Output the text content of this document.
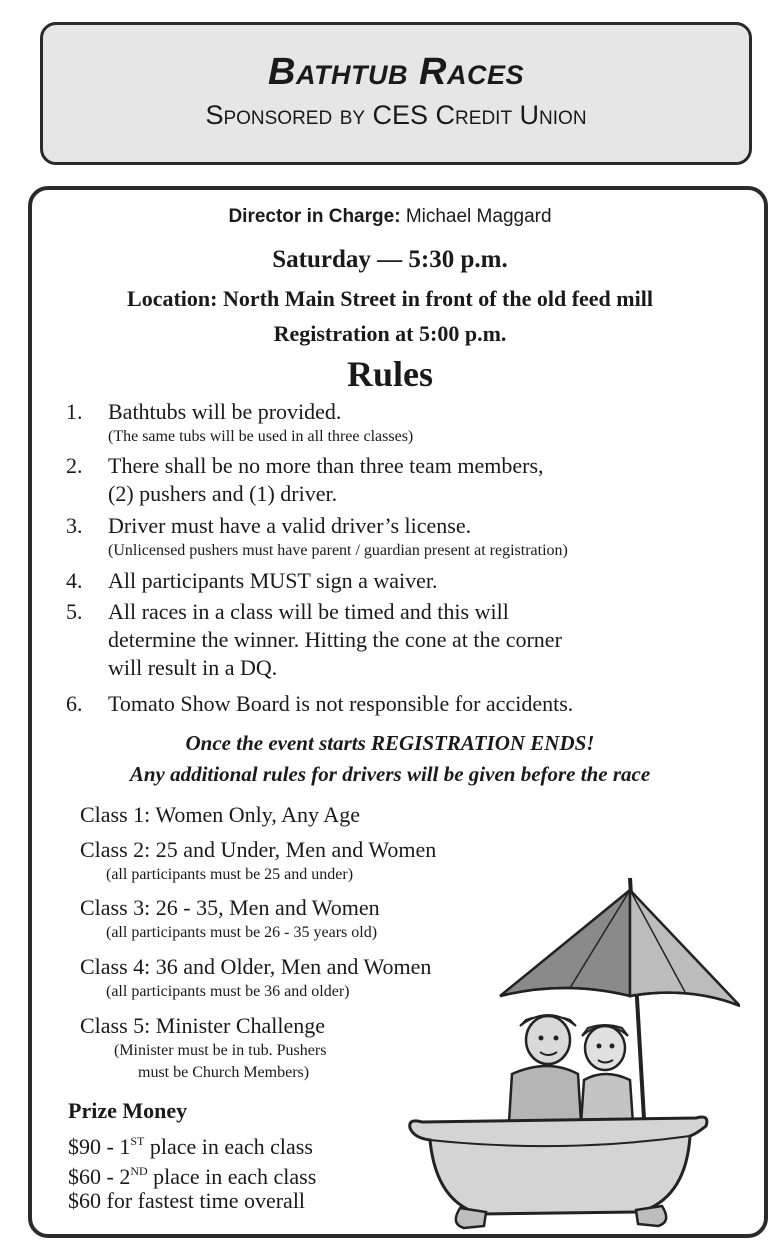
Bathtub Races
Sponsored by CES Credit Union
Director in Charge: Michael Maggard
Saturday — 5:30 p.m.
Location: North Main Street in front of the old feed mill
Registration at 5:00 p.m.
Rules
1.	Bathtubs will be provided.
(The same tubs will be used in all three classes)
2.	There shall be no more than three team members,
(2) pushers and (1) driver.
3.	Driver must have a valid driver’s license.
(Unlicensed pushers must have parent / guardian present at registration)
4.	All participants MUST sign a waiver.
5.	All races in a class will be timed and this will
determine the winner. Hitting the cone at the corner
will result in a DQ.
6.	Tomato Show Board is not responsible for accidents.
Once the event starts REGISTRATION ENDS!
Any additional rules for drivers will be given before the race
Class 1: Women Only, Any Age
Class 2: 25 and Under, Men and Women
(all participants must be 25 and under)
Class 3: 26 - 35, Men and Women
(all participants must be 26 - 35 years old)
Class 4: 36 and Older, Men and Women
(all participants must be 36 and older)
Class 5: Minister Challenge
(Minister must be in tub. Pushers
must be Church Members)
Prize Money
$90 - 1ST place in each class
$60 - 2ND place in each class
$60 for fastest time overall
